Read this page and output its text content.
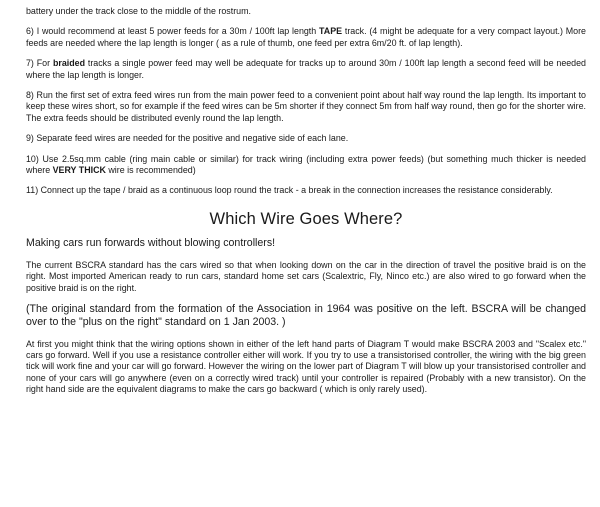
battery under the track close to the middle of the rostrum.

6) I would recommend at least 5 power feeds for a 30m / 100ft lap length TAPE track. (4 might be adequate for a very compact layout.) More feeds are needed where the lap length is longer ( as a rule of thumb, one feed per extra 6m/20 ft. of lap length).

7) For braided tracks a single power feed may well be adequate for tracks up to around 30m / 100ft lap length a second feed will be needed where the lap length is longer.

8) Run the first set of extra feed wires run from the main power feed to a convenient point about half way round the lap length. Its important to keep these wires short, so for example if the feed wires can be 5m shorter if they connect 5m from half way round, then go for the shorter wire. The extra feeds should be distributed evenly round the lap length.

9) Separate feed wires are needed for the positive and negative side of each lane.

10) Use 2.5sq.mm cable (ring main cable or similar) for track wiring (including extra power feeds) (but something much thicker is needed where VERY THICK wire is recommended)

11) Connect up the tape / braid as a continuous loop round the track - a break in the connection increases the resistance considerably.

Which Wire Goes Where?

Making cars run forwards without blowing controllers!

The current BSCRA standard has the cars wired so that when looking down on the car in the direction of travel the positive braid is on the right. Most imported American ready to run cars, standard home set cars (Scalextric, Fly, Ninco etc.) are also wired to go forward when the positive braid is on the right.

(The original standard from the formation of the Association in 1964 was positive on the left. BSCRA will be changed over to the "plus on the right" standard on 1 Jan 2003. )

At first you might think that the wiring options shown in either of the left hand parts of Diagram T would make BSCRA 2003 and "Scalex etc." cars go forward. Well if you use a resistance controller either will work. If you try to use a transistorised controller, the wiring with the big green tick will work fine and your car will go forward. However the wiring on the lower part of Diagram T will blow up your transistorised controller and none of your cars will go anywhere (even on a correctly wired track) until your controller is repaired (Probably with a new transistor). On the right hand side are the equivalent diagrams to make the cars go backward ( which is only rarely used).
